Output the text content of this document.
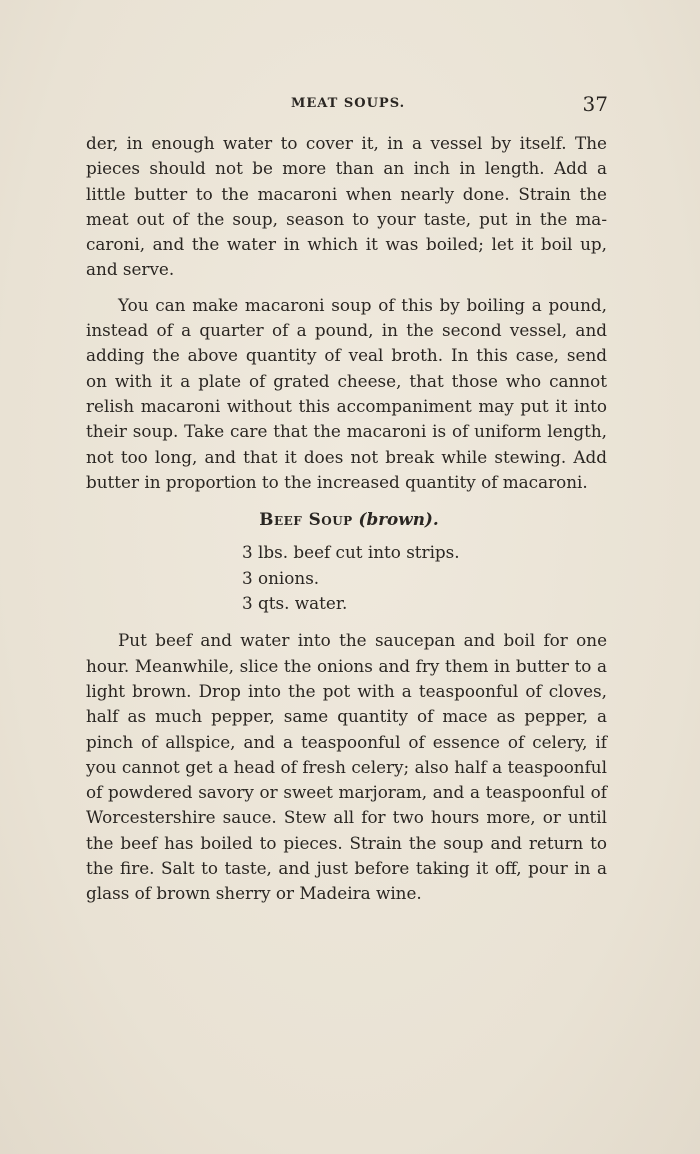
MEAT SOUPS.	37

der, in enough water to cover it, in a vessel by itself. The pieces should not be more than an inch in length. Add a little butter to the macaroni when nearly done. Strain the meat out of the soup, season to your taste, put in the macaroni, and the water in which it was boiled; let it boil up, and serve.

You can make macaroni soup of this by boiling a pound, instead of a quarter of a pound, in the second vessel, and adding the above quantity of veal broth. In this case, send on with it a plate of grated cheese, that those who cannot relish macaroni without this accompaniment may put it into their soup. Take care that the macaroni is of uniform length, not too long, and that it does not break while stewing. Add butter in proportion to the increased quantity of macaroni.

Beef Soup (brown).
3 lbs. beef cut into strips.
3 onions.
3 qts. water.

Put beef and water into the saucepan and boil for one hour. Meanwhile, slice the onions and fry them in butter to a light brown. Drop into the pot with a teaspoonful of cloves, half as much pepper, same quantity of mace as pepper, a pinch of allspice, and a teaspoonful of essence of celery, if you cannot get a head of fresh celery; also half a teaspoonful of powdered savory or sweet marjoram, and a teaspoonful of Worcestershire sauce. Stew all for two hours more, or until the beef has boiled to pieces. Strain the soup and return to the fire. Salt to taste, and just before taking it off, pour in a glass of brown sherry or Madeira wine.
